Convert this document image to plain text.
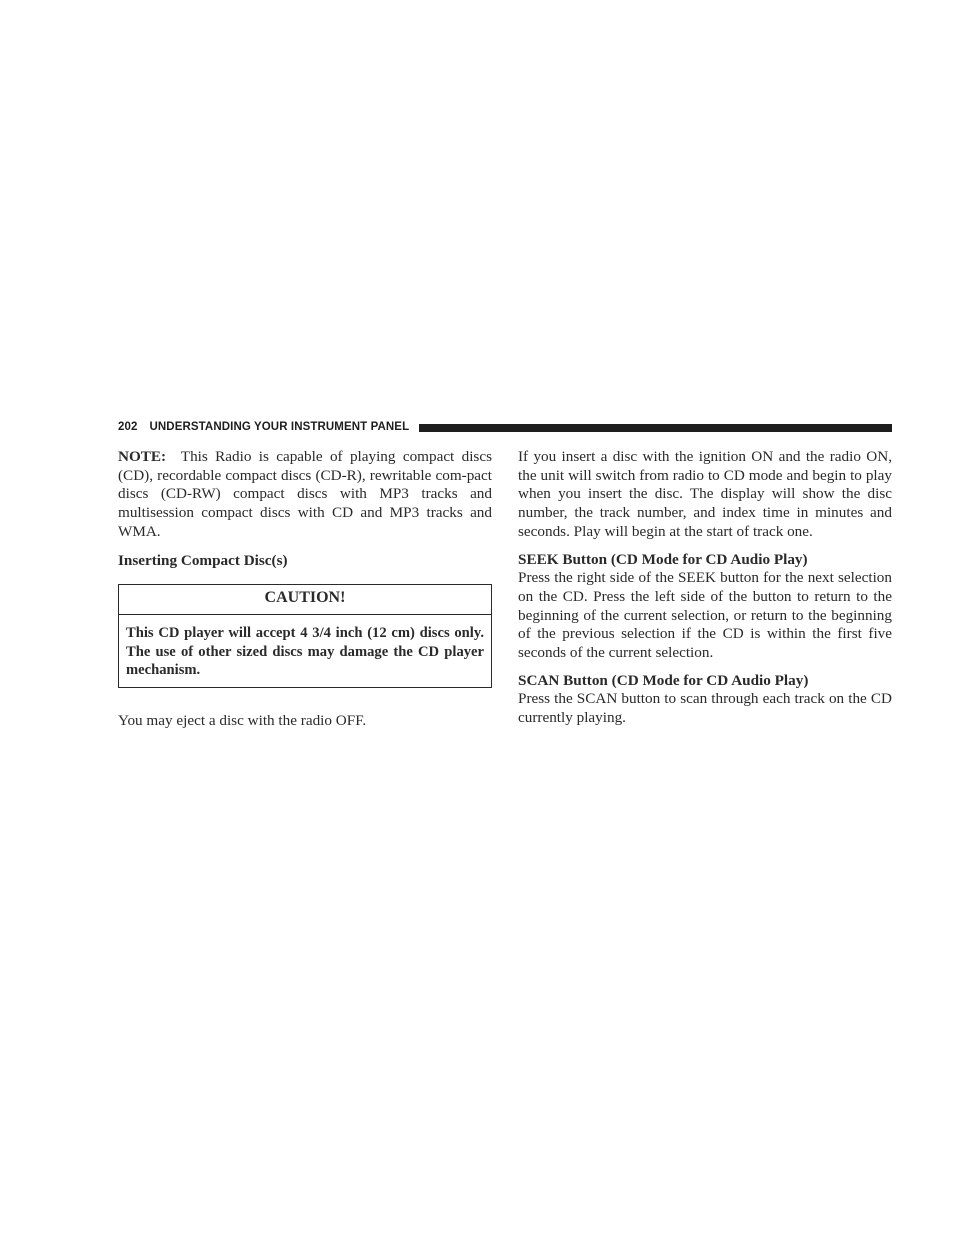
202 UNDERSTANDING YOUR INSTRUMENT PANEL

NOTE: This Radio is capable of playing compact discs (CD), recordable compact discs (CD-R), rewritable com-pact discs (CD-RW) compact discs with MP3 tracks and multisession compact discs with CD and MP3 tracks and WMA.

Inserting Compact Disc(s)

CAUTION!
This CD player will accept 4 3/4 inch (12 cm) discs only. The use of other sized discs may damage the CD player mechanism.

You may eject a disc with the radio OFF.

If you insert a disc with the ignition ON and the radio ON, the unit will switch from radio to CD mode and begin to play when you insert the disc. The display will show the disc number, the track number, and index time in minutes and seconds. Play will begin at the start of track one.

SEEK Button (CD Mode for CD Audio Play)

Press the right side of the SEEK button for the next selection on the CD. Press the left side of the button to return to the beginning of the current selection, or return to the beginning of the previous selection if the CD is within the first five seconds of the current selection.

SCAN Button (CD Mode for CD Audio Play)

Press the SCAN button to scan through each track on the CD currently playing.
